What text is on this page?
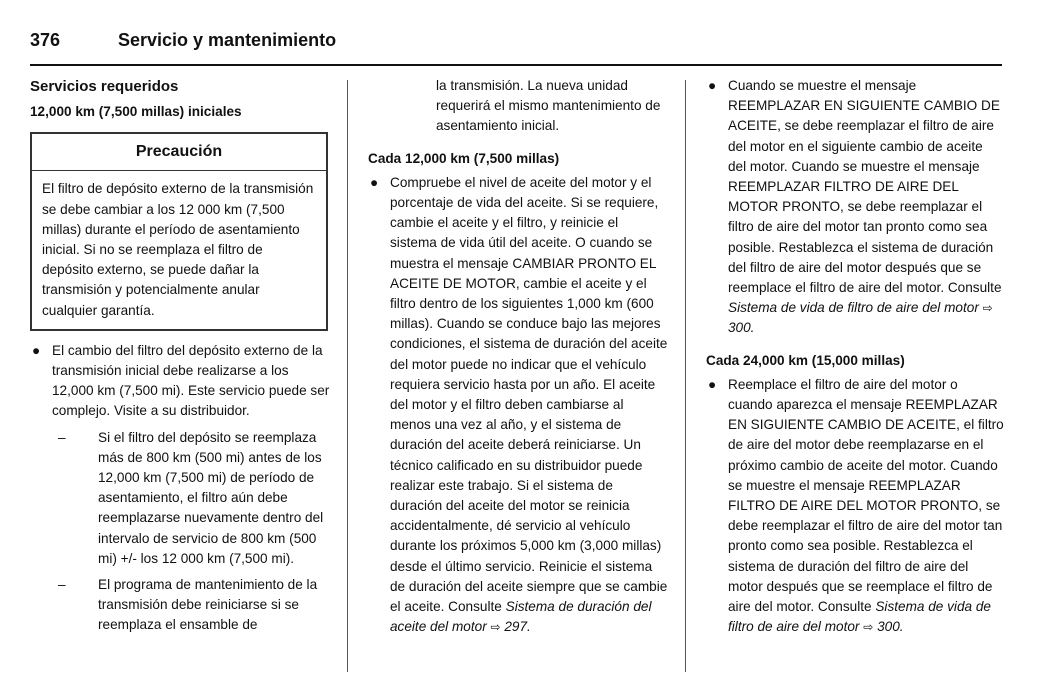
376	Servicio y mantenimiento

Servicios requeridos

12,000 km (7,500 millas) iniciales

Precaución
El filtro de depósito externo de la transmisión se debe cambiar a los 12 000 km (7,500 millas) durante el período de asentamiento inicial. Si no se reemplaza el filtro de depósito externo, se puede dañar la transmisión y potencialmente anular cualquier garantía.
● El cambio del filtro del depósito externo de la transmisión inicial debe realizarse a los 12,000 km (7,500 mi). Este servicio puede ser complejo. Visite a su distribuidor.
– Si el filtro del depósito se reemplaza más de 800 km (500 mi) antes de los 12,000 km (7,500 mi) de período de asentamiento, el filtro aún debe reemplazarse nuevamente dentro del intervalo de servicio de 800 km (500 mi) +/- los 12 000 km (7,500 mi).
– El programa de mantenimiento de la transmisión debe reiniciarse si se reemplaza el ensamble de

la transmisión. La nueva unidad requerirá el mismo mantenimiento de asentamiento inicial.

Cada 12,000 km (7,500 millas)

● Compruebe el nivel de aceite del motor y el porcentaje de vida del aceite. Si se requiere, cambie el aceite y el filtro, y reinicie el sistema de vida útil del aceite. O cuando se muestra el mensaje CAMBIAR PRONTO EL ACEITE DE MOTOR, cambie el aceite y el filtro dentro de los siguientes 1,000 km (600 millas). Cuando se conduce bajo las mejores condiciones, el sistema de duración del aceite del motor puede no indicar que el vehículo requiera servicio hasta por un año. El aceite del motor y el filtro deben cambiarse al menos una vez al año, y el sistema de duración del aceite deberá reiniciarse. Un técnico calificado en su distribuidor puede realizar este trabajo. Si el sistema de duración del aceite del motor se reinicia accidentalmente, dé servicio al vehículo durante los próximos 5,000 km (3,000 millas) desde el último servicio. Reinicie el sistema de duración del aceite siempre que se cambie el aceite. Consulte Sistema de duración del aceite del motor ⇨ 297.
● Cuando se muestre el mensaje REEMPLAZAR EN SIGUIENTE CAMBIO DE ACEITE, se debe reemplazar el filtro de aire del motor en el siguiente cambio de aceite del motor. Cuando se muestre el mensaje REEMPLAZAR FILTRO DE AIRE DEL MOTOR PRONTO, se debe reemplazar el filtro de aire del motor tan pronto como sea posible. Restablezca el sistema de duración del filtro de aire del motor después que se reemplace el filtro de aire del motor. Consulte Sistema de vida de filtro de aire del motor ⇨ 300.

Cada 24,000 km (15,000 millas)

● Reemplace el filtro de aire del motor o cuando aparezca el mensaje REEMPLAZAR EN SIGUIENTE CAMBIO DE ACEITE, el filtro de aire del motor debe reemplazarse en el próximo cambio de aceite del motor. Cuando se muestre el mensaje REEMPLAZAR FILTRO DE AIRE DEL MOTOR PRONTO, se debe reemplazar el filtro de aire del motor tan pronto como sea posible. Restablezca el sistema de duración del filtro de aire del motor después que se reemplace el filtro de aire del motor. Consulte Sistema de vida de filtro de aire del motor ⇨ 300.
